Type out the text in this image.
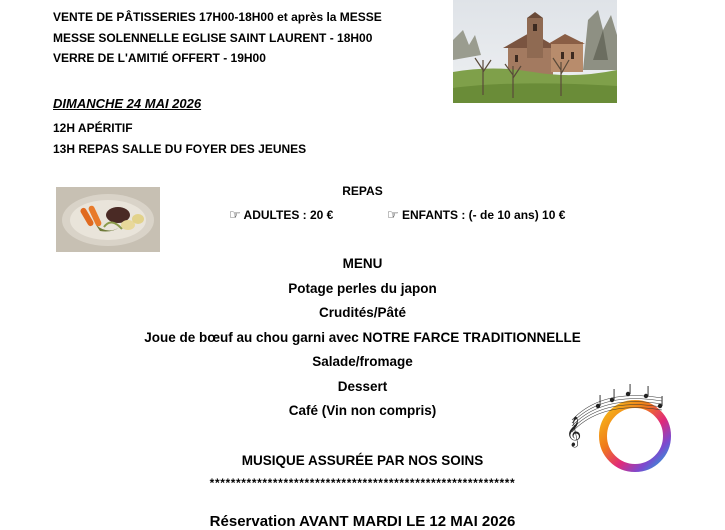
VENTE DE PÂTISSERIES 17H00-18H00 et après la MESSE
MESSE SOLENNELLE EGLISE SAINT LAURENT - 18H00
VERRE DE L'AMITIÉ OFFERT - 19H00
DIMANCHE 24 MAI 2026
12H APÉRITIF
13H REPAS SALLE DU FOYER DES JEUNES
REPAS
☞ ADULTES : 20 €	☞ ENFANTS : (- de 10 ans) 10 €
MENU
Potage perles du japon
Crudités/Pâté
Joue de bœuf au chou garni avec NOTRE FARCE TRADITIONNELLE
Salade/fromage
Dessert
Café (Vin non compris)
𝄞
MUSIQUE ASSURÉE PAR NOS SOINS
**********************************************************
Réservation AVANT MARDI LE 12 MAI 2026
